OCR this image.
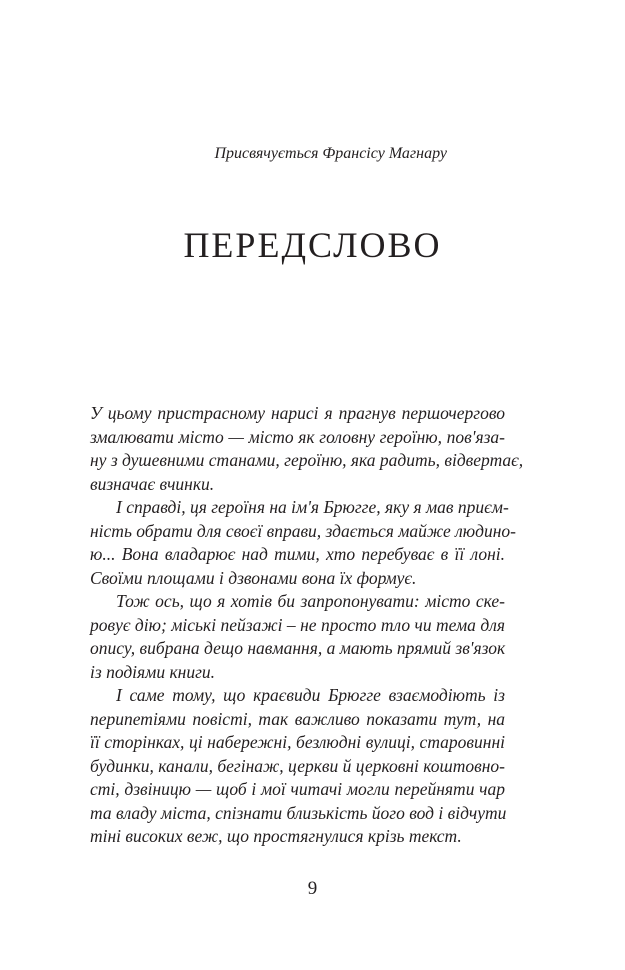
Присвячується Франсісу Магнару
ПЕРЕДСЛОВО
У цьому пристрасному нарисі я прагнув першочергово
змалювати місто — місто як головну героїню, пов'яза-
ну з душевними станами, героїню, яка радить, відвертає,
визначає вчинки.
І справді, ця героїня на ім'я Брюгге, яку я мав приєм-
ність обрати для своєї вправи, здається майже людино-
ю... Вона владарює над тими, хто перебуває в її лоні.
Своїми площами і дзвонами вона їх формує.
Тож ось, що я хотів би запропонувати: місто ске-
ровує дію; міські пейзажі – не просто тло чи тема для
опису, вибрана дещо навмання, а мають прямий зв'язок
із подіями книги.
І саме тому, що краєвиди Брюгге взаємодіють із
перипетіями повісті, так важливо показати тут, на
її сторінках, ці набережні, безлюдні вулиці, старовинні
будинки, канали, бегінаж, церкви й церковні коштовно-
сті, дзвіницю — щоб і мої читачі могли перейняти чар
та владу міста, спізнати близькість його вод і відчути
тіні високих веж, що простягнулися крізь текст.
9
